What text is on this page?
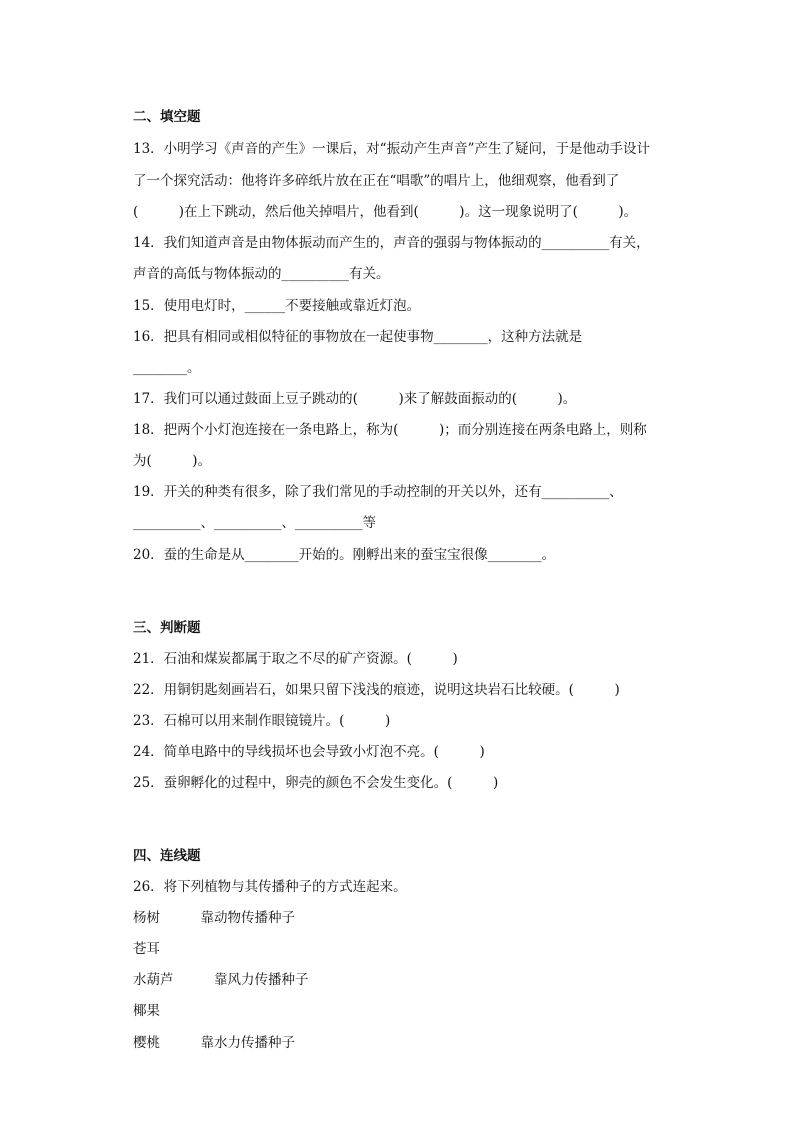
二、填空题
13．小明学习《声音的产生》一课后，对“振动产生声音”产生了疑问，于是他动手设计
了一个探究活动：他将许多碎纸片放在正在“唱歌”的唱片上，他细观察，他看到了
(　　　)在上下跳动，然后他关掉唱片，他看到(　　　)。这一现象说明了(　　　)。
14．我们知道声音是由物体振动而产生的，声音的强弱与物体振动的__________有关，
声音的高低与物体振动的__________有关。
15．使用电灯时，______不要接触或靠近灯泡。
16．把具有相同或相似特征的事物放在一起使事物________，这种方法就是
________。
17．我们可以通过鼓面上豆子跳动的(　　　)来了解鼓面振动的(　　　)。
18．把两个小灯泡连接在一条电路上，称为(　　　)；而分别连接在两条电路上，则称
为(　　　)。
19．开关的种类有很多，除了我们常见的手动控制的开关以外，还有__________、
__________、__________、__________等
20．蚕的生命是从________开始的。刚孵出来的蚕宝宝很像________。
三、判断题
21．石油和煤炭都属于取之不尽的矿产资源。(　　　)
22．用铜钥匙刻画岩石，如果只留下浅浅的痕迹，说明这块岩石比较硬。(　　　)
23．石棉可以用来制作眼镜镜片。(　　　)
24．简单电路中的导线损坏也会导致小灯泡不亮。(　　　)
25．蚕卵孵化的过程中，卵壳的颜色不会发生变化。(　　　)
四、连线题
26．将下列植物与其传播种子的方式连起来。
杨树　　　靠动物传播种子
苍耳
水葫芦　　　靠风力传播种子
椰果
樱桃　　　靠水力传播种子
